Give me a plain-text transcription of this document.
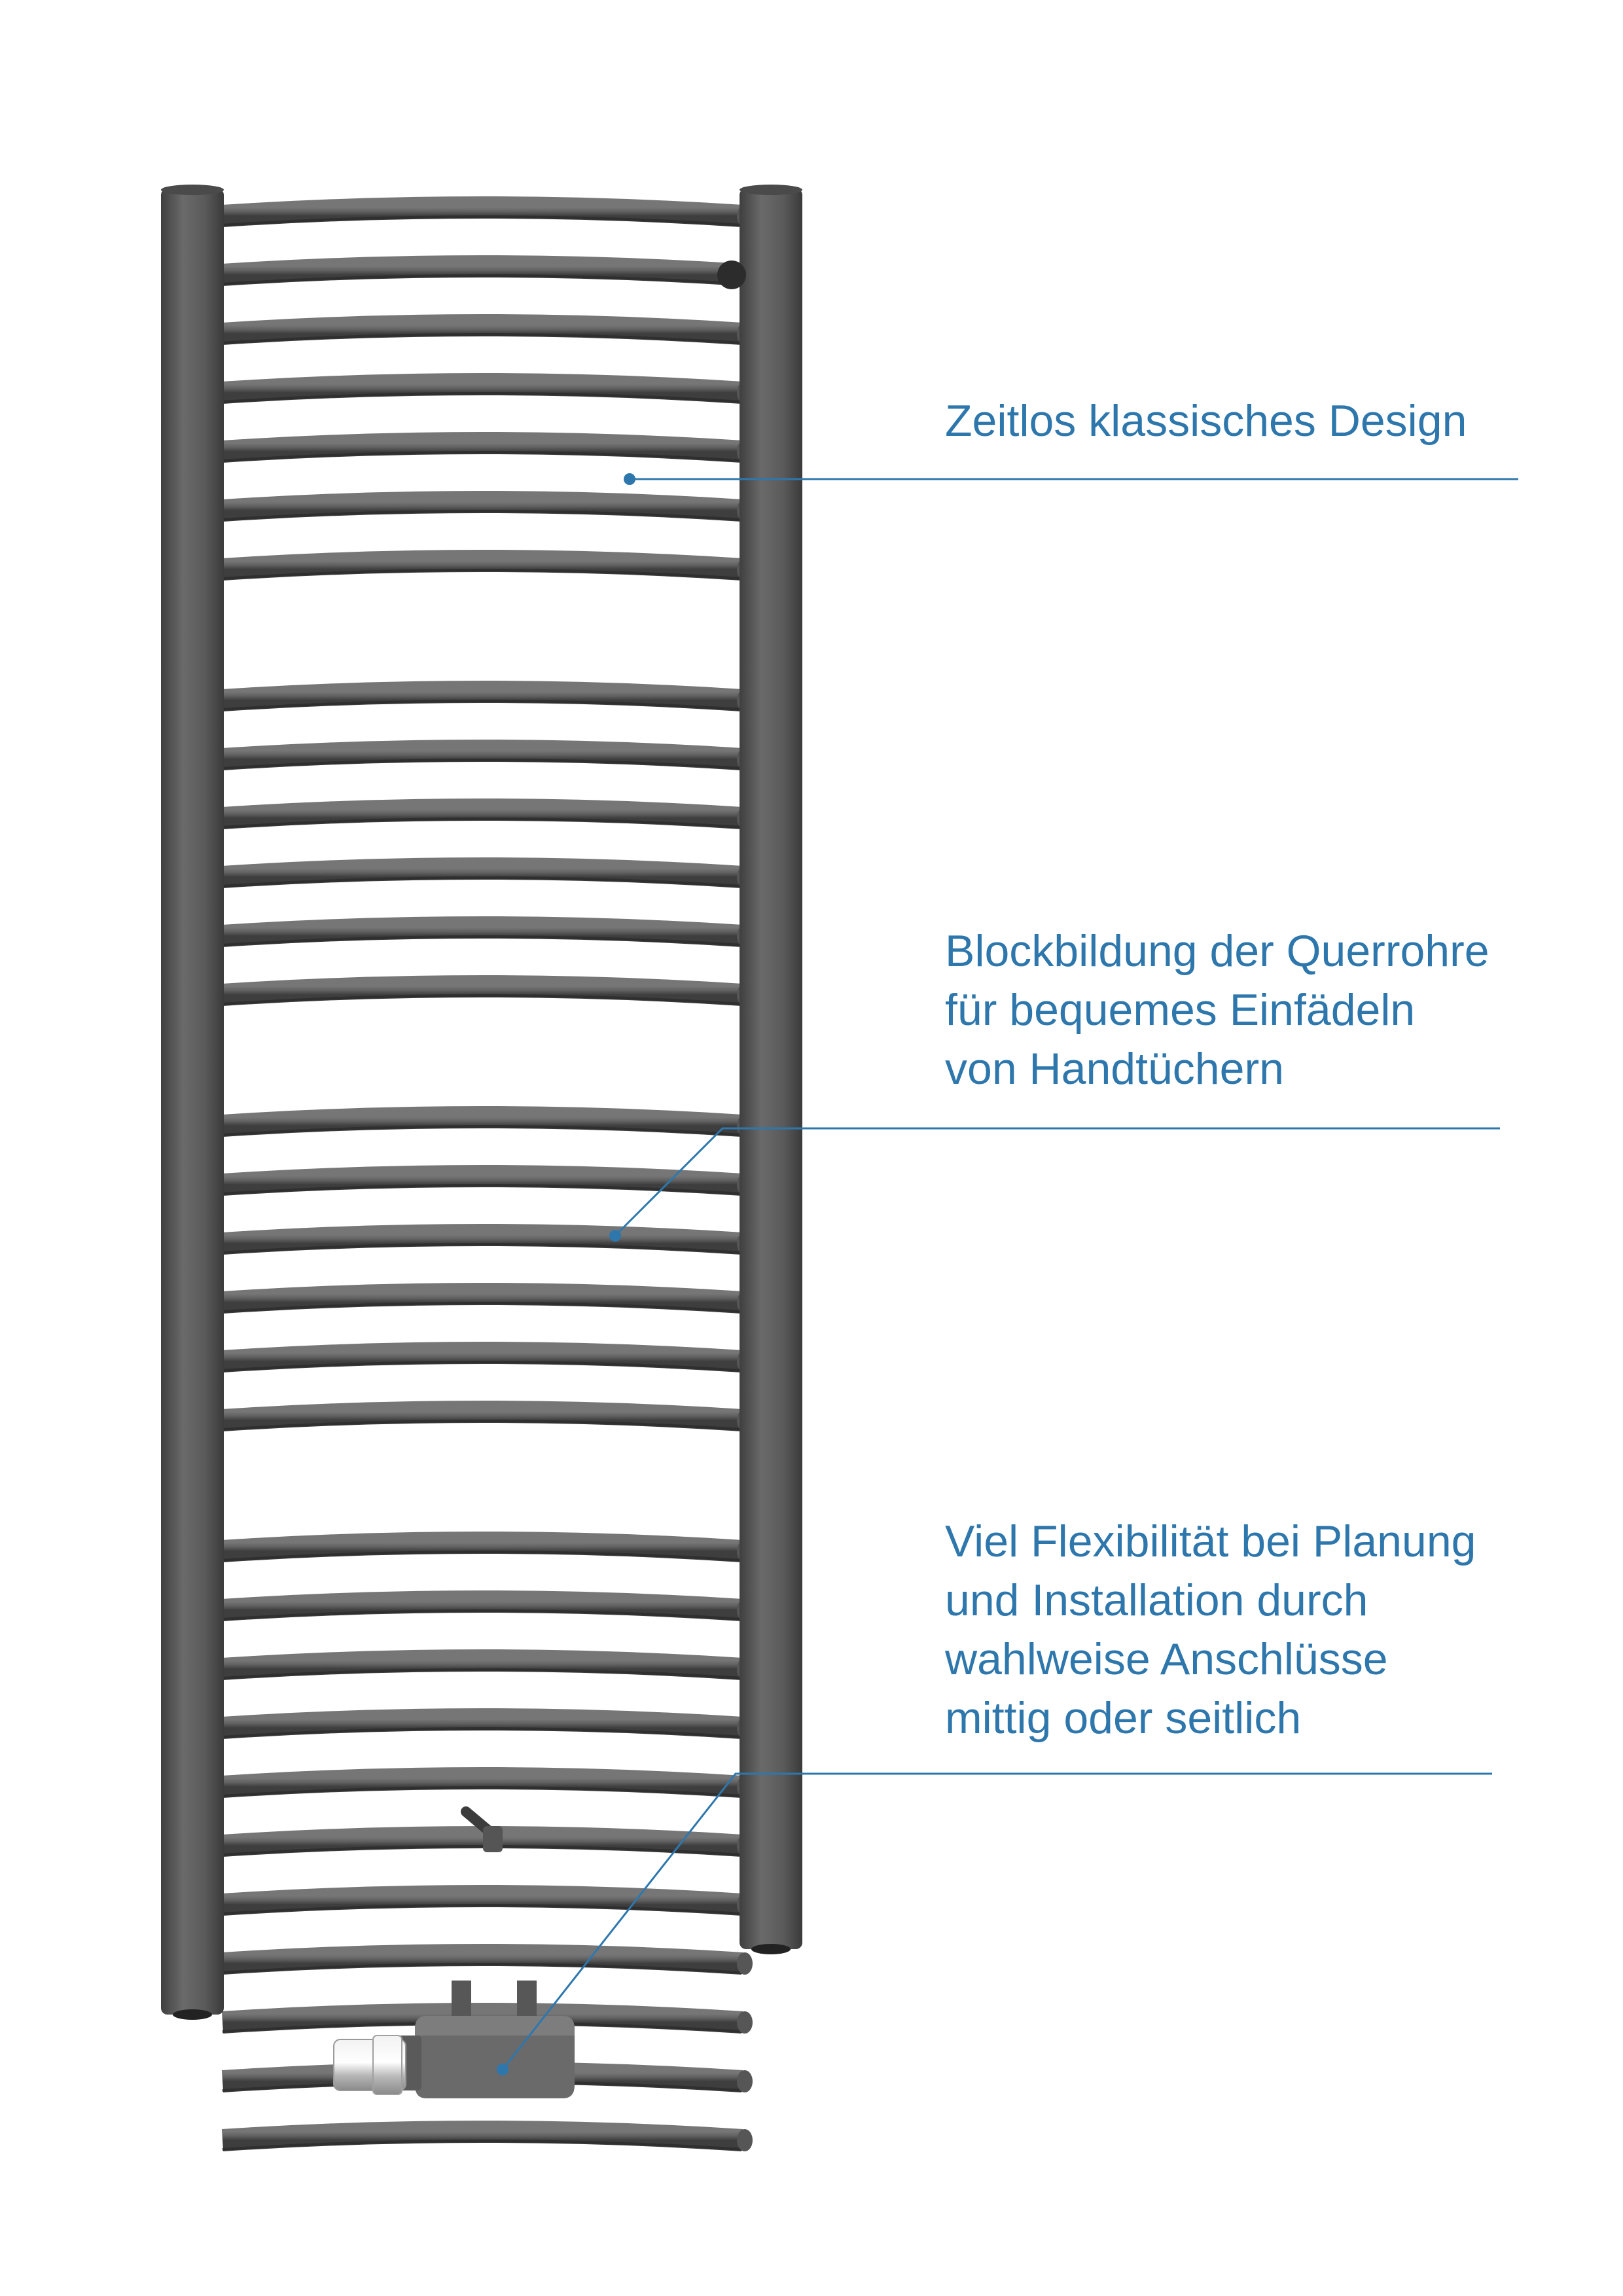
Zeitlos klassisches Design
Blockbildung der Querrohre
für bequemes Einfädeln
von Handtüchern
Viel Flexibilität bei Planung
und Installation durch
wahlweise Anschlüsse
mittig oder seitlich
